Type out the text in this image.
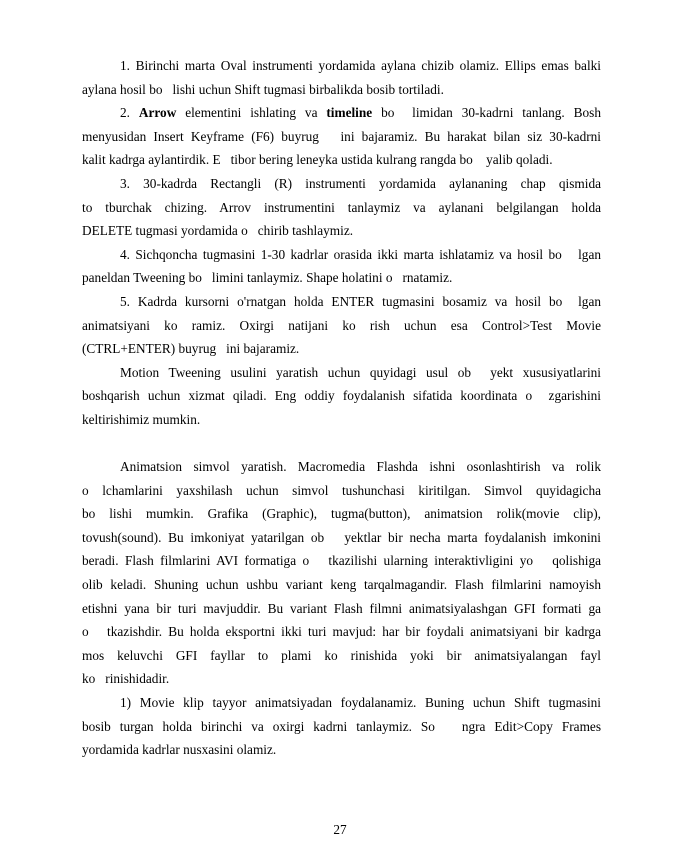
1. Birinchi marta Oval instrumenti yordamida aylana chizib olamiz. Ellips emas balki
aylana hosil bo   lishi uchun Shift tugmasi birbalikda bosib tortiladi.
2. Arrow elementini ishlating va timeline bo  limidan 30-kadrni tanlang. Bosh
menyusidan Insert Keyframe (F6) buyrug   ini bajaramiz. Bu harakat bilan siz 30-kadrni
kalit kadrga aylantirdik. E   tibor bering leneyka ustida kulrang rangda bo    yalib qoladi.
3. 30-kadrda Rectangli (R) instrumenti yordamida aylananing chap qismida
to tburchak chizing. Arrov instrumentini tanlaymiz va aylanani belgilangan holda
DELETE tugmasi yordamida o   chirib tashlaymiz.
4. Sichqoncha tugmasini 1-30 kadrlar orasida ikki marta ishlatamiz va hosil bo   lgan
paneldan Tweening bo   limini tanlaymiz. Shape holatini o   rnatamiz.
5. Kadrda kursorni o'rnatgan holda ENTER tugmasini bosamiz va hosil bo  lgan
animatsiyani ko ramiz. Oxirgi natijani ko rish uchun esa Control>Test Movie
(CTRL+ENTER) buyrug   ini bajaramiz.
Motion Tweening usulini yaratish uchun quyidagi usul ob  yekt xususiyatlarini
boshqarish uchun xizmat qiladi. Eng oddiy foydalanish sifatida koordinata o  zgarishini
keltirishimiz mumkin.
Animatsion simvol yaratish. Macromedia Flashda ishni osonlashtirish va rolik
o lchamlarini yaxshilash uchun simvol tushunchasi kiritilgan. Simvol quyidagicha
bo lishi mumkin. Grafika (Graphic), tugma(button), animatsion rolik(movie clip),
tovush(sound). Bu imkoniyat yatarilgan ob   yektlar bir necha marta foydalanish imkonini
beradi. Flash filmlarini AVI formatiga o   tkazilishi ularning interaktivligini yo   qolishiga
olib keladi. Shuning uchun ushbu variant keng tarqalmagandir. Flash filmlarini namoyish
etishni yana bir turi mavjuddir. Bu variant Flash filmni animatsiyalashgan GFI formati ga
o   tkazishdir. Bu holda eksportni ikki turi mavjud: har bir foydali animatsiyani bir kadrga
mos keluvchi GFI fayllar to plami ko rinishida yoki bir animatsiyalangan fayl
ko   rinishidadir.
1) Movie klip tayyor animatsiyadan foydalanamiz. Buning uchun Shift tugmasini
bosib turgan holda birinchi va oxirgi kadrni tanlaymiz. So   ngra Edit>Copy Frames
yordamida kadrlar nusxasini olamiz.
27
